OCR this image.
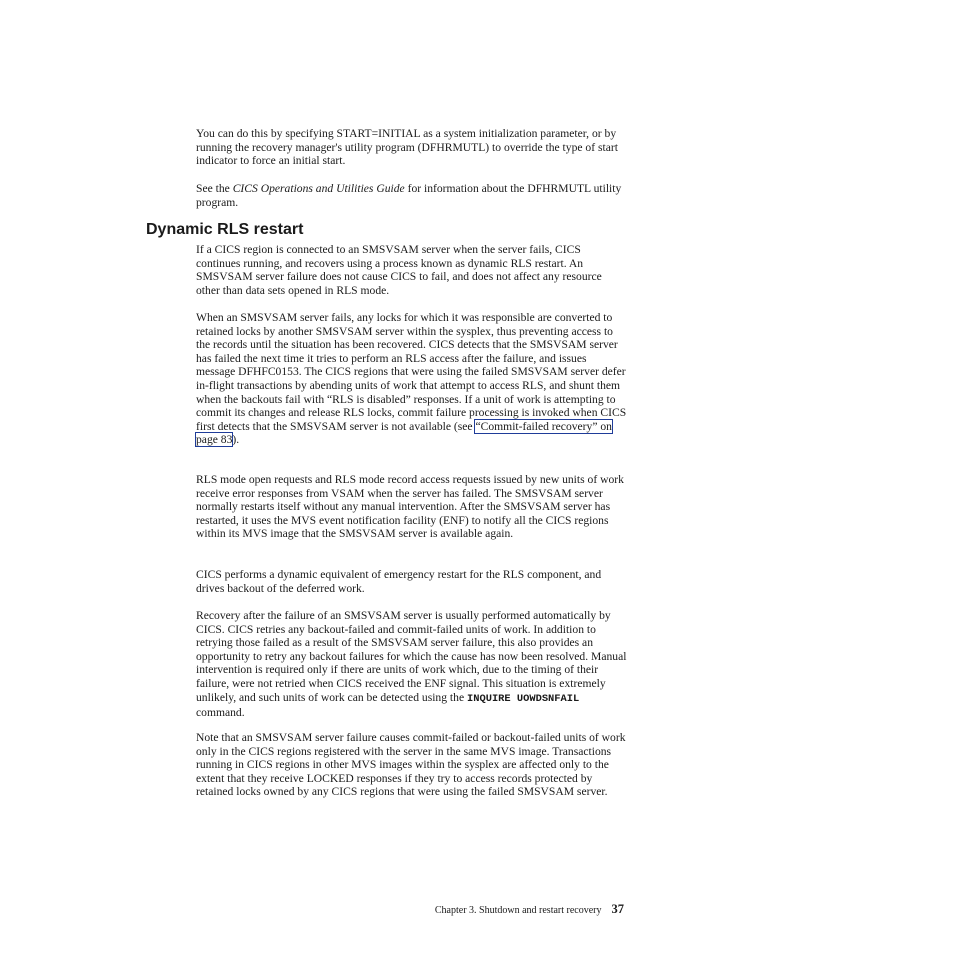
You can do this by specifying START=INITIAL as a system initialization parameter, or by running the recovery manager's utility program (DFHRMUTL) to override the type of start indicator to force an initial start.

See the CICS Operations and Utilities Guide for information about the DFHRMUTL utility program.

Dynamic RLS restart

If a CICS region is connected to an SMSVSAM server when the server fails, CICS continues running, and recovers using a process known as dynamic RLS restart. An SMSVSAM server failure does not cause CICS to fail, and does not affect any resource other than data sets opened in RLS mode.

When an SMSVSAM server fails, any locks for which it was responsible are converted to retained locks by another SMSVSAM server within the sysplex, thus preventing access to the records until the situation has been recovered. CICS detects that the SMSVSAM server has failed the next time it tries to perform an RLS access after the failure, and issues message DFHFC0153. The CICS regions that were using the failed SMSVSAM server defer in-flight transactions by abending units of work that attempt to access RLS, and shunt them when the backouts fail with “RLS is disabled” responses. If a unit of work is attempting to commit its changes and release RLS locks, commit failure processing is invoked when CICS first detects that the SMSVSAM server is not available (see “Commit-failed recovery” on page 83).

RLS mode open requests and RLS mode record access requests issued by new units of work receive error responses from VSAM when the server has failed. The SMSVSAM server normally restarts itself without any manual intervention. After the SMSVSAM server has restarted, it uses the MVS event notification facility (ENF) to notify all the CICS regions within its MVS image that the SMSVSAM server is available again.

CICS performs a dynamic equivalent of emergency restart for the RLS component, and drives backout of the deferred work.

Recovery after the failure of an SMSVSAM server is usually performed automatically by CICS. CICS retries any backout-failed and commit-failed units of work. In addition to retrying those failed as a result of the SMSVSAM server failure, this also provides an opportunity to retry any backout failures for which the cause has now been resolved. Manual intervention is required only if there are units of work which, due to the timing of their failure, were not retried when CICS received the ENF signal. This situation is extremely unlikely, and such units of work can be detected using the INQUIRE UOWDSNFAIL command.

Note that an SMSVSAM server failure causes commit-failed or backout-failed units of work only in the CICS regions registered with the server in the same MVS image. Transactions running in CICS regions in other MVS images within the sysplex are affected only to the extent that they receive LOCKED responses if they try to access records protected by retained locks owned by any CICS regions that were using the failed SMSVSAM server.

Chapter 3. Shutdown and restart recovery 37
